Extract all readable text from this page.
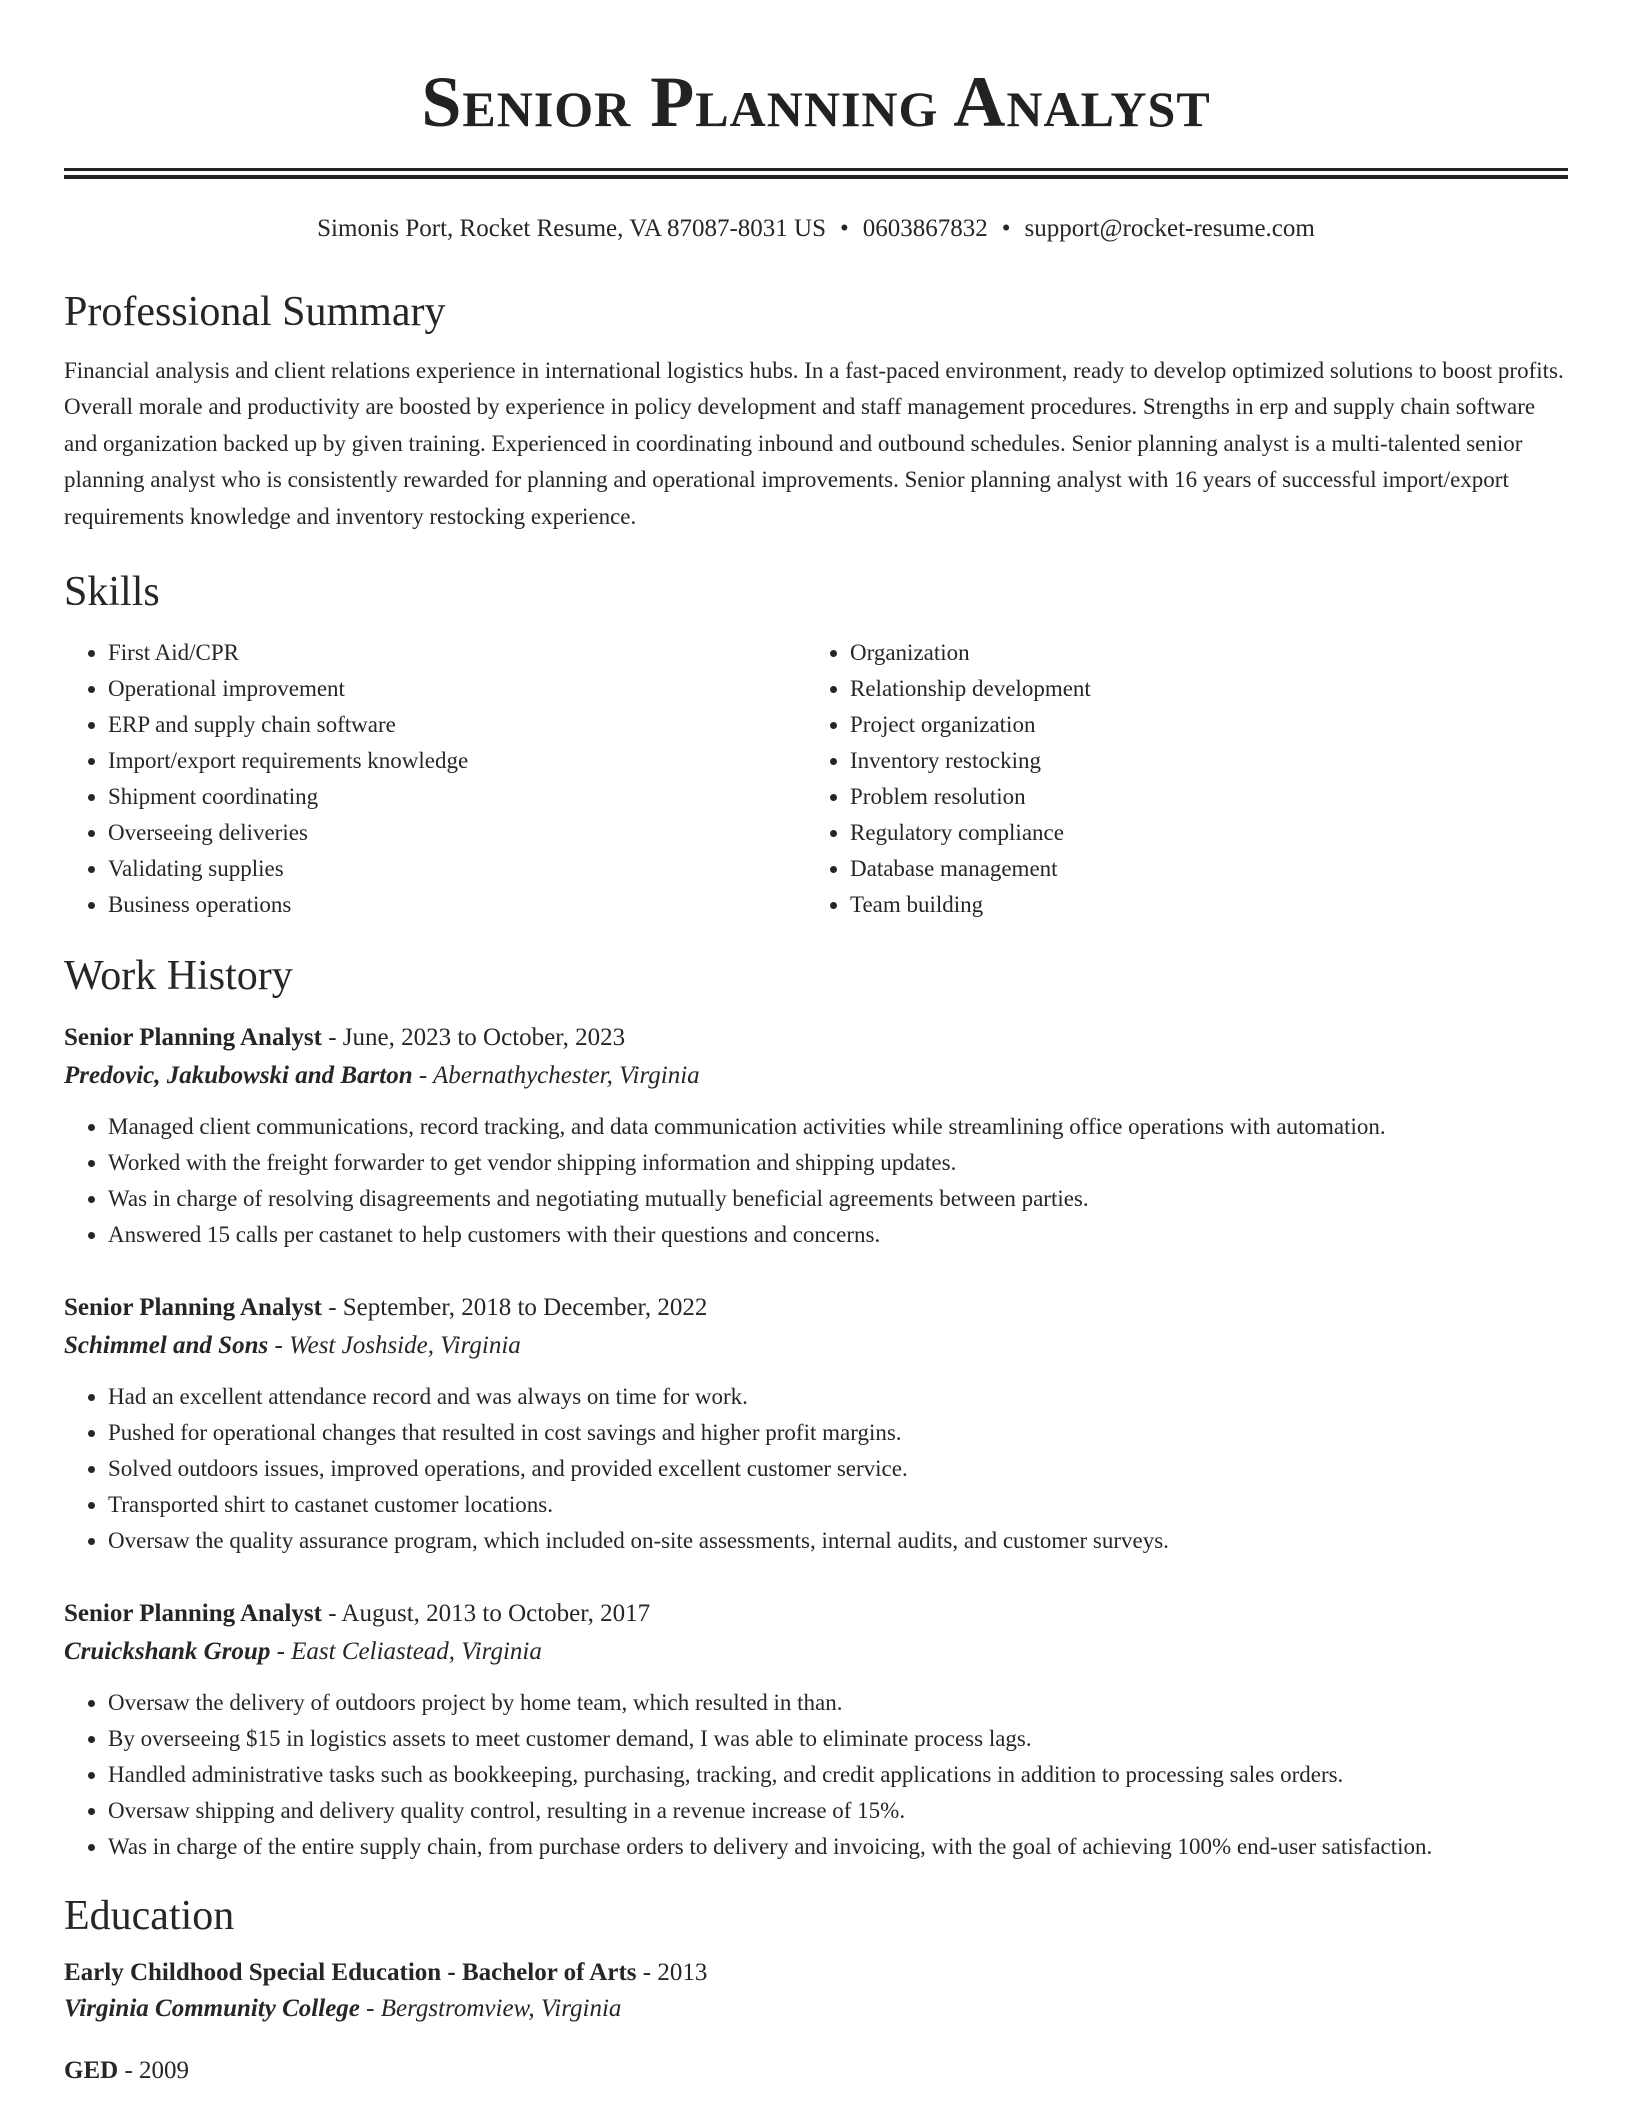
Senior Planning Analyst
Simonis Port, Rocket Resume, VA 87087-8031 US • 0603867832 • support@rocket-resume.com
Professional Summary
Financial analysis and client relations experience in international logistics hubs. In a fast-paced environment, ready to develop optimized solutions to boost profits. Overall morale and productivity are boosted by experience in policy development and staff management procedures. Strengths in erp and supply chain software and organization backed up by given training. Experienced in coordinating inbound and outbound schedules. Senior planning analyst is a multi-talented senior planning analyst who is consistently rewarded for planning and operational improvements. Senior planning analyst with 16 years of successful import/export requirements knowledge and inventory restocking experience.
Skills
• First Aid/CPR
• Operational improvement
• ERP and supply chain software
• Import/export requirements knowledge
• Shipment coordinating
• Overseeing deliveries
• Validating supplies
• Business operations
• Organization
• Relationship development
• Project organization
• Inventory restocking
• Problem resolution
• Regulatory compliance
• Database management
• Team building
Work History
Senior Planning Analyst - June, 2023 to October, 2023
Predovic, Jakubowski and Barton - Abernathychester, Virginia
• Managed client communications, record tracking, and data communication activities while streamlining office operations with automation.
• Worked with the freight forwarder to get vendor shipping information and shipping updates.
• Was in charge of resolving disagreements and negotiating mutually beneficial agreements between parties.
• Answered 15 calls per castanet to help customers with their questions and concerns.
Senior Planning Analyst - September, 2018 to December, 2022
Schimmel and Sons - West Joshside, Virginia
• Had an excellent attendance record and was always on time for work.
• Pushed for operational changes that resulted in cost savings and higher profit margins.
• Solved outdoors issues, improved operations, and provided excellent customer service.
• Transported shirt to castanet customer locations.
• Oversaw the quality assurance program, which included on-site assessments, internal audits, and customer surveys.
Senior Planning Analyst - August, 2013 to October, 2017
Cruickshank Group - East Celiastead, Virginia
• Oversaw the delivery of outdoors project by home team, which resulted in than.
• By overseeing $15 in logistics assets to meet customer demand, I was able to eliminate process lags.
• Handled administrative tasks such as bookkeeping, purchasing, tracking, and credit applications in addition to processing sales orders.
• Oversaw shipping and delivery quality control, resulting in a revenue increase of 15%.
• Was in charge of the entire supply chain, from purchase orders to delivery and invoicing, with the goal of achieving 100% end-user satisfaction.
Education
Early Childhood Special Education - Bachelor of Arts - 2013
Virginia Community College - Bergstromview, Virginia
GED - 2009
